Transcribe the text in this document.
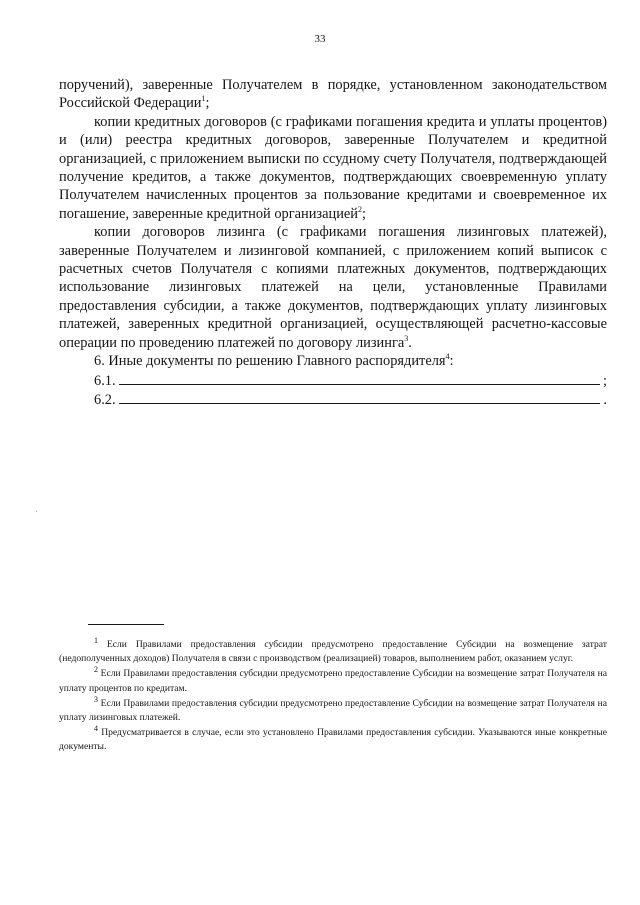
33

поручений), заверенные Получателем в порядке, установленном законодательством Российской Федерации$^1$;

копии кредитных договоров (с графиками погашения кредита и уплаты процентов) и (или) реестра кредитных договоров, заверенные Получателем и кредитной организацией, с приложением выписки по ссудному счету Получателя, подтверждающей получение кредитов, а также документов, подтверждающих своевременную уплату Получателем начисленных процентов за пользование кредитами и своевременное их погашение, заверенные кредитной организацией$^2$;

копии договоров лизинга (с графиками погашения лизинговых платежей), заверенные Получателем и лизинговой компанией, с приложением копий выписок с расчетных счетов Получателя с копиями платежных документов, подтверждающих использование лизинговых платежей на цели, установленные Правилами предоставления субсидии, а также документов, подтверждающих уплату лизинговых платежей, заверенных кредитной организацией, осуществляющей расчетно-кассовые операции по проведению платежей по договору лизинга$^3$.

6. Иные документы по решению Главного распорядителя$^4$:

6.1.	;
6.2.	.

$^1$ Если Правилами предоставления субсидии предусмотрено предоставление Субсидии на возмещение затрат (недополученных доходов) Получателя в связи с производством (реализацией) товаров, выполнением работ, оказанием услуг.

$^2$ Если Правилами предоставления субсидии предусмотрено предоставление Субсидии на возмещение затрат Получателя на уплату процентов по кредитам.

$^3$ Если Правилами предоставления субсидии предусмотрено предоставление Субсидии на возмещение затрат Получателя на уплату лизинговых платежей.

$^4$ Предусматривается в случае, если это установлено Правилами предоставления субсидии. Указываются иные конкретные документы.
